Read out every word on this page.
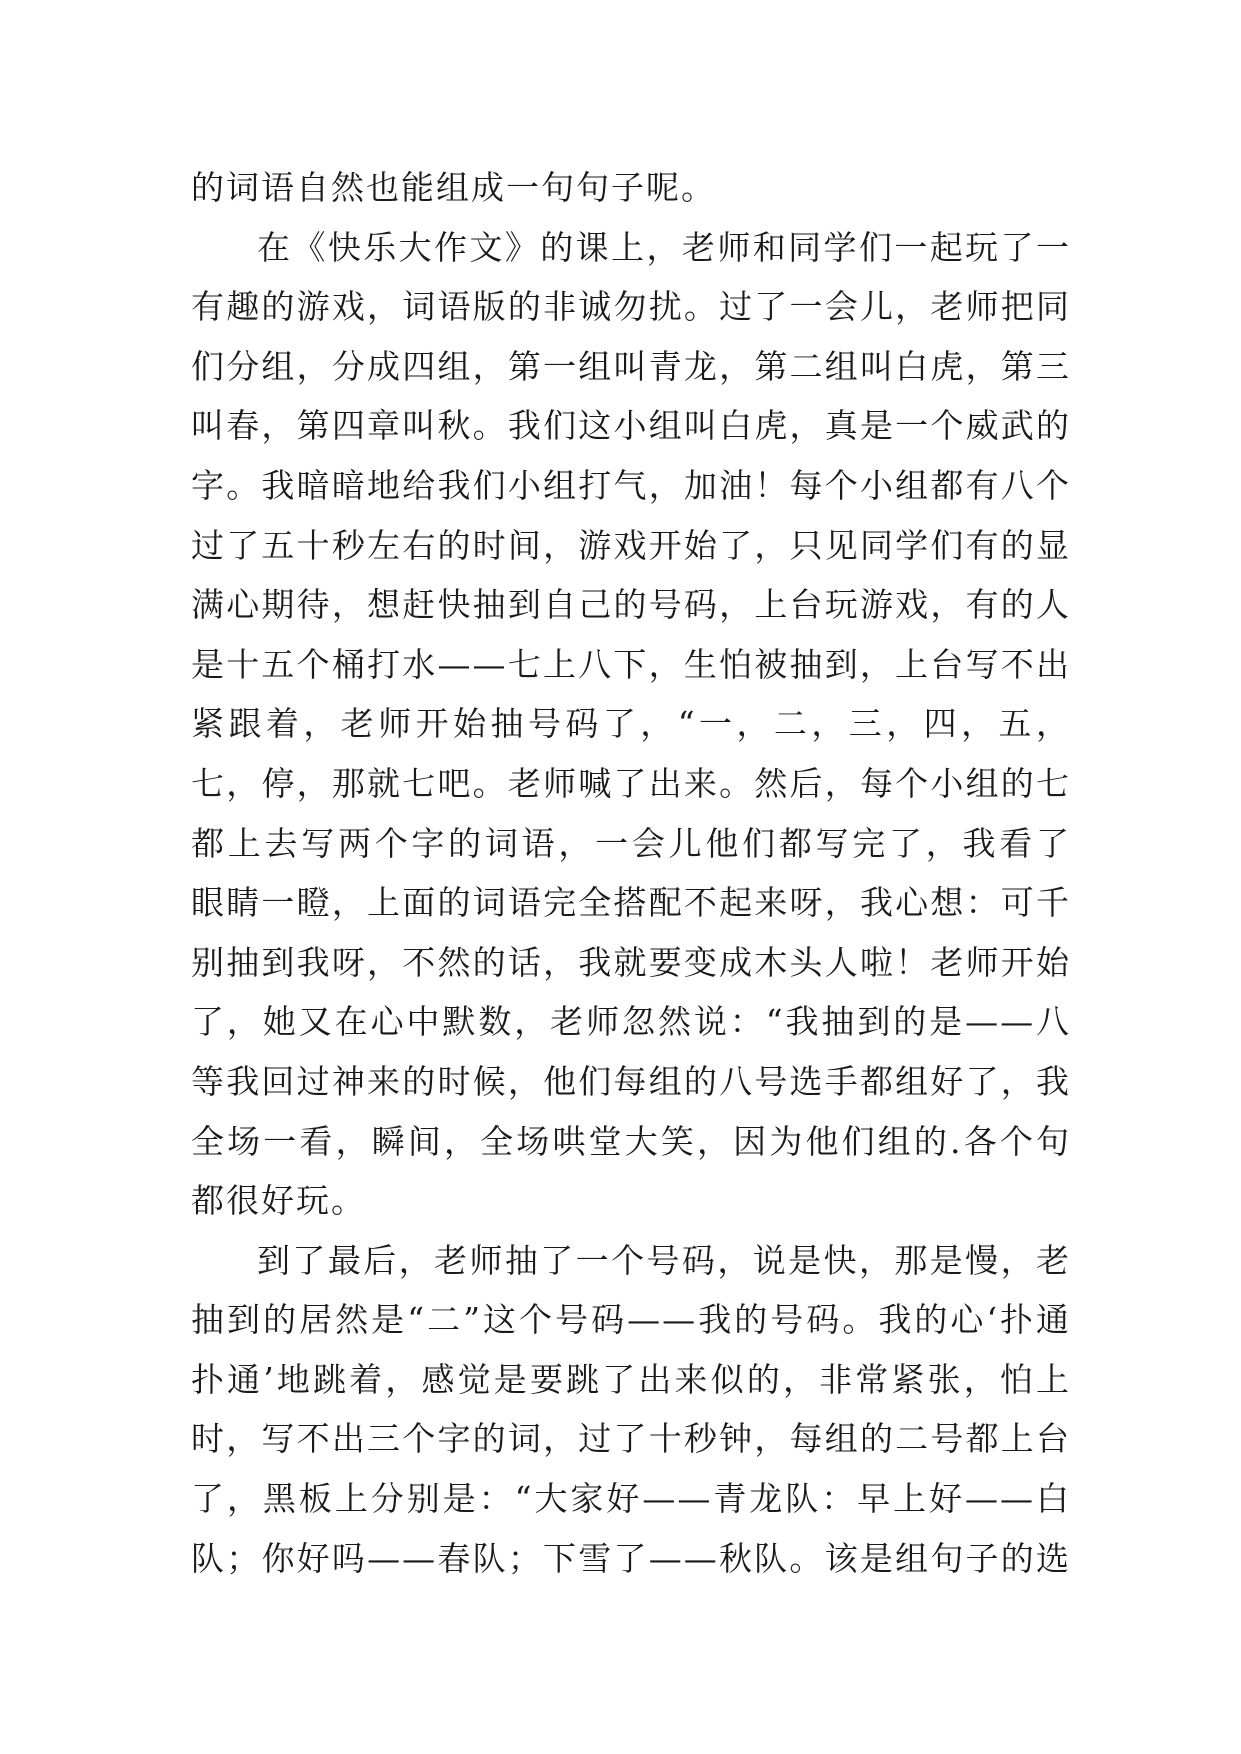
的词语自然也能组成一句句子呢。
在《快乐大作文》的课上，老师和同学们一起玩了一
有趣的游戏，词语版的非诚勿扰。过了一会儿，老师把同
们分组，分成四组，第一组叫青龙，第二组叫白虎，第三
叫春，第四章叫秋。我们这小组叫白虎，真是一个威武的
字。我暗暗地给我们小组打气，加油！每个小组都有八个
过了五十秒左右的时间，游戏开始了，只见同学们有的显
满心期待，想赶快抽到自己的号码，上台玩游戏，有的人
是十五个桶打水——七上八下，生怕被抽到，上台写不出
紧跟着，老师开始抽号码了，“一，二，三，四，五，
七，停，那就七吧。老师喊了出来。然后，每个小组的七
都上去写两个字的词语，一会儿他们都写完了，我看了
眼睛一瞪，上面的词语完全搭配不起来呀，我心想：可千
别抽到我呀，不然的话，我就要变成木头人啦！老师开始
了，她又在心中默数，老师忽然说：“我抽到的是——八
等我回过神来的时候，他们每组的八号选手都组好了，我
全场一看，瞬间，全场哄堂大笑，因为他们组的.各个句
都很好玩。
到了最后，老师抽了一个号码，说是快，那是慢，老
抽到的居然是“二”这个号码——我的号码。我的心‘扑通
扑通’地跳着，感觉是要跳了出来似的，非常紧张，怕上
时，写不出三个字的词，过了十秒钟，每组的二号都上台
了，黑板上分别是：“大家好——青龙队：早上好——白
队；你好吗——春队；下雪了——秋队。该是组句子的选
